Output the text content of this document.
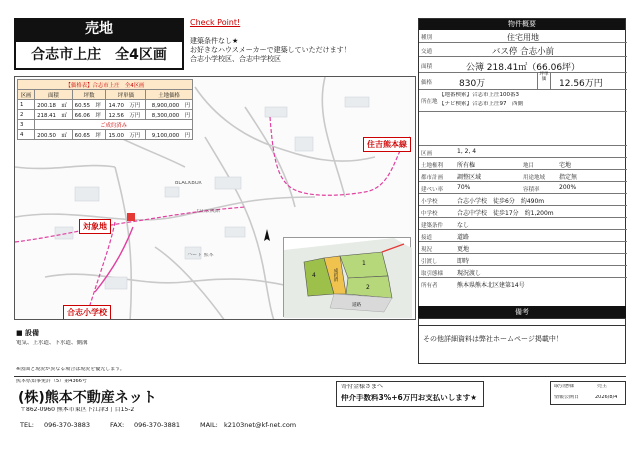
売地
合志市上庄　全4区画
Check Point!
建築条件なし★
お好きなハウスメーカーで建築していただけます！
合志小学校区、合志中学校区
住吉熊本線
対象地
合志小学校
BLACKBOX
ハート 熊本
上庄公民館
4
1
2
成約済
道路
【価格表】合志市上庄　全4区画				
区画	面積	坪数	坪単価	土地価格
1	200.18　㎡	60.55　坪	14.70　万円	8,900,000　円
2	218.41　㎡	66.06　坪	12.56　万円	8,300,000　円
3	ご成約済み			
4	200.50　㎡	60.65　坪	15.00　万円	9,100,000　円
■ 設備
電気、上水道、下水道、側溝
※図面と現況が異なる場合は現況を優先します。
物件概要
種別	住宅用地
交通	バス停 合志小前
面積	公簿 218.41㎡（66.06坪）
価格	830万
坪単価	12.56万円
所在地
【地番検索】合志市上庄100番3
【ナビ検索】合志市上庄97　西側
区画	1, 2, 4
土地権利 所有権	地目	宅地
都市計画 調整区域	用途地域 指定無
建ぺい率 70%	容積率	200%
小学校	合志小学校　徒歩6分　約490m
中学校	合志中学校　徒歩17分　約1,200m
建築条件 なし
接道	道路
現況	更地
引渡し	即時
取引態様 現況渡し
所有者	熊本県熊本北区建第14号
備考
その他詳細資料は弊社ホームページ掲載中！
熊本県知事免許（5）第4366号
(株)熊本不動産ネット
〒862-0960 熊本市東区下江津3丁目15-2
TEL: 096-370-3883	FAX: 096-370-3881	MAIL: k2103net@kf-net.com
寄付金様さまへ
仲介手数料3%+6万円お支払いします★
取引態様	売主
情報公開日	2026/8/4
